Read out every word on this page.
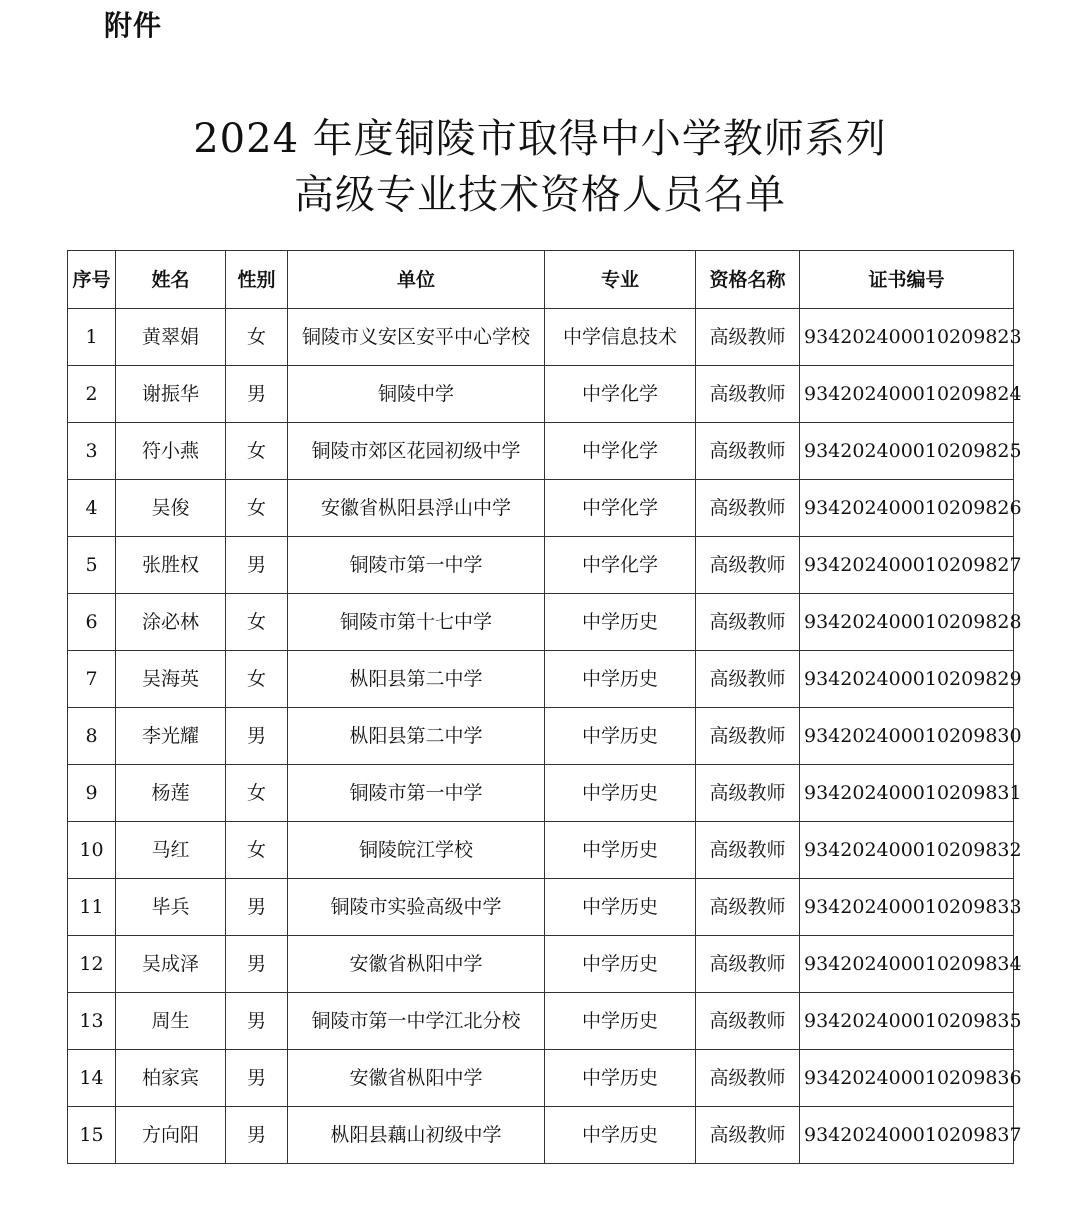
附件
2024 年度铜陵市取得中小学教师系列
高级专业技术资格人员名单
序号	姓名	性别	单位	专业	资格名称	证书编号
1	黄翠娟	女	铜陵市义安区安平中心学校	中学信息技术	高级教师	934202400010209823
2	谢振华	男	铜陵中学	中学化学	高级教师	934202400010209824
3	符小燕	女	铜陵市郊区花园初级中学	中学化学	高级教师	934202400010209825
4	吴俊	女	安徽省枞阳县浮山中学	中学化学	高级教师	934202400010209826
5	张胜权	男	铜陵市第一中学	中学化学	高级教师	934202400010209827
6	涂必林	女	铜陵市第十七中学	中学历史	高级教师	934202400010209828
7	吴海英	女	枞阳县第二中学	中学历史	高级教师	934202400010209829
8	李光耀	男	枞阳县第二中学	中学历史	高级教师	934202400010209830
9	杨莲	女	铜陵市第一中学	中学历史	高级教师	934202400010209831
10	马红	女	铜陵皖江学校	中学历史	高级教师	934202400010209832
11	毕兵	男	铜陵市实验高级中学	中学历史	高级教师	934202400010209833
12	吴成泽	男	安徽省枞阳中学	中学历史	高级教师	934202400010209834
13	周生	男	铜陵市第一中学江北分校	中学历史	高级教师	934202400010209835
14	柏家宾	男	安徽省枞阳中学	中学历史	高级教师	934202400010209836
15	方向阳	男	枞阳县藕山初级中学	中学历史	高级教师	934202400010209837
